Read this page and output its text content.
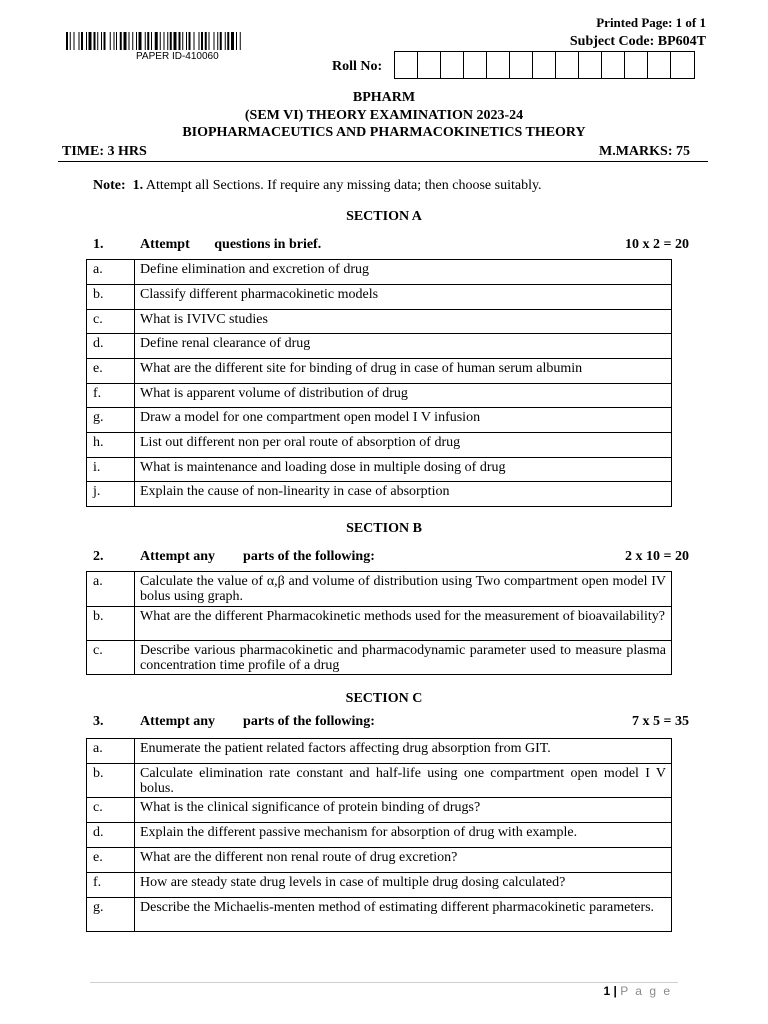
PAPER ID-410060
Printed Page: 1 of 1
Subject Code: BP604T
Roll No:
BPHARM
(SEM VI) THEORY EXAMINATION 2023-24
BIOPHARMACEUTICS AND PHARMACOKINETICS THEORY
TIME: 3 HRS	M.MARKS: 75
Note: 1. Attempt all Sections. If require any missing data; then choose suitably.
SECTION A
1.	Attempt       questions in brief.	10 x 2 = 20
a.	Define elimination and excretion of drug
b.	Classify different pharmacokinetic models
c.	What is IVIVC studies
d.	Define renal clearance of drug
e.	What are the different site for binding of drug in case of human serum albumin
f.	What is apparent volume of distribution of drug
g.	Draw a model for one compartment open model I V infusion
h.	List out different non per oral route of absorption of drug
i.	What is maintenance and loading dose in multiple dosing of drug
j.	Explain the cause of non-linearity in case of absorption
SECTION B
2.	Attempt any        parts of the following:	2 x 10 = 20
a.	Calculate the value of α,β and volume of distribution using Two compartment open model IV bolus using graph.
b.	What are the different Pharmacokinetic methods used for the measurement of bioavailability?
c.	Describe various pharmacokinetic and pharmacodynamic parameter used to measure plasma concentration time profile of a drug
SECTION C
3.	Attempt any        parts of the following:	7 x 5 = 35
a.	Enumerate the patient related factors affecting drug absorption from GIT.
b.	Calculate elimination rate constant and half-life using one compartment open model I V bolus.
c.	What is the clinical significance of protein binding of drugs?
d.	Explain the different passive mechanism for absorption of drug with example.
e.	What are the different non renal route of drug excretion?
f.	How are steady state drug levels in case of multiple drug dosing calculated?
g.	Describe the Michaelis-menten method of estimating different pharmacokinetic parameters.
1 | P a g e
